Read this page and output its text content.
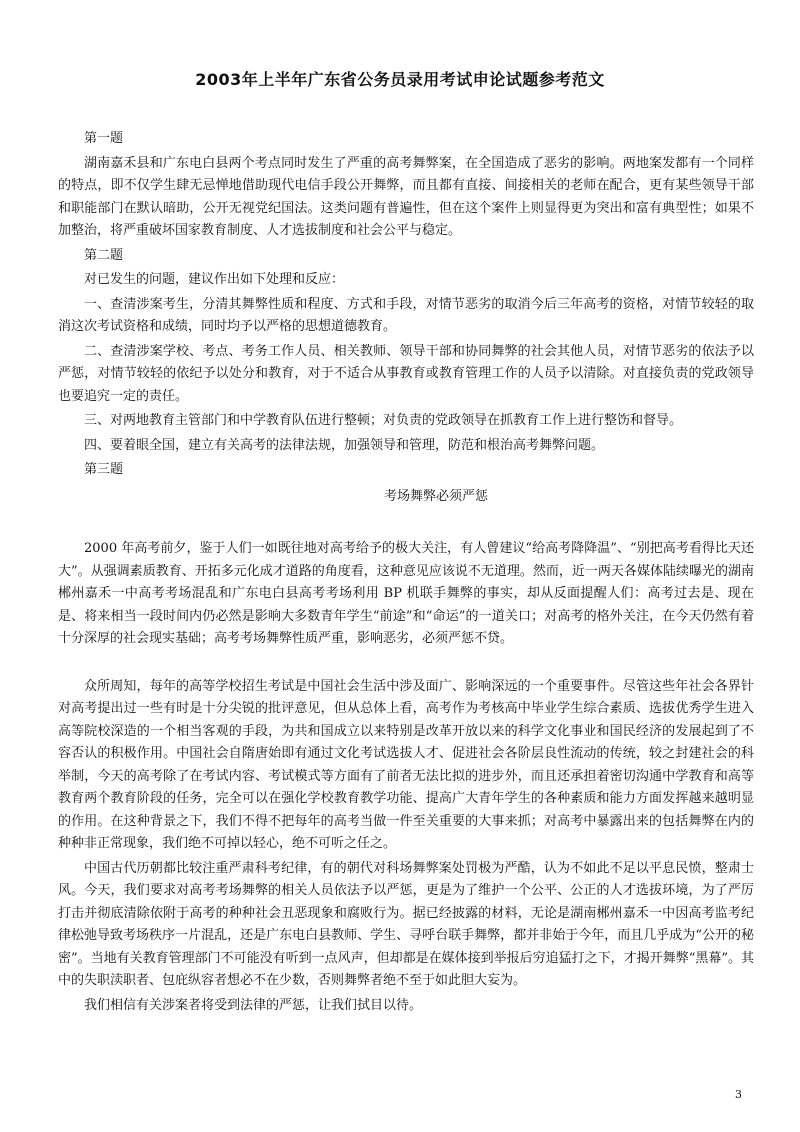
2003年上半年广东省公务员录用考试申论试题参考范文

第一题

湖南嘉禾县和广东电白县两个考点同时发生了严重的高考舞弊案，在全国造成了恶劣的影响。两地案发都有一个同样的特点，即不仅学生肆无忌惮地借助现代电信手段公开舞弊，而且都有直接、间接相关的老师在配合，更有某些领导干部和职能部门在默认暗助，公开无视党纪国法。这类问题有普遍性，但在这个案件上则显得更为突出和富有典型性；如果不加整治，将严重破坏国家教育制度、人才选拔制度和社会公平与稳定。

第二题

对已发生的问题，建议作出如下处理和反应：

一、查清涉案考生，分清其舞弊性质和程度、方式和手段，对情节恶劣的取消今后三年高考的资格，对情节较轻的取消这次考试资格和成绩，同时均予以严格的思想道德教育。

二、查清涉案学校、考点、考务工作人员、相关教师、领导干部和协同舞弊的社会其他人员，对情节恶劣的依法予以严惩，对情节较轻的依纪予以处分和教育，对于不适合从事教育或教育管理工作的人员予以清除。对直接负责的党政领导也要追究一定的责任。

三、对两地教育主管部门和中学教育队伍进行整顿；对负责的党政领导在抓教育工作上进行整饬和督导。

四、要着眼全国，建立有关高考的法律法规，加强领导和管理，防范和根治高考舞弊问题。

第三题

考场舞弊必须严惩

2000 年高考前夕，鉴于人们一如既往地对高考给予的极大关注，有人曾建议“给高考降降温”、“别把高考看得比天还大”。从强调素质教育、开拓多元化成才道路的角度看，这种意见应该说不无道理。然而，近一两天各媒体陆续曝光的湖南郴州嘉禾一中高考考场混乱和广东电白县高考考场利用 BP 机联手舞弊的事实，却从反面提醒人们：高考过去是、现在是、将来相当一段时间内仍必然是影响大多数青年学生“前途”和“命运”的一道关口；对高考的格外关注，在今天仍然有着十分深厚的社会现实基础；高考考场舞弊性质严重，影响恶劣，必须严惩不贷。

众所周知，每年的高等学校招生考试是中国社会生活中涉及面广、影响深远的一个重要事件。尽管这些年社会各界针对高考提出过一些有时是十分尖锐的批评意见，但从总体上看，高考作为考核高中毕业学生综合素质、选拔优秀学生进入高等院校深造的一个相当客观的手段，为共和国成立以来特别是改革开放以来的科学文化事业和国民经济的发展起到了不容否认的积极作用。中国社会自隋唐始即有通过文化考试选拔人才、促进社会各阶层良性流动的传统，较之封建社会的科举制，今天的高考除了在考试内容、考试模式等方面有了前者无法比拟的进步外，而且还承担着密切沟通中学教育和高等教育两个教育阶段的任务，完全可以在强化学校教育教学功能、提高广大青年学生的各种素质和能力方面发挥越来越明显的作用。在这种背景之下，我们不得不把每年的高考当做一件至关重要的大事来抓；对高考中暴露出来的包括舞弊在内的种种非正常现象，我们绝不可掉以轻心，绝不可听之任之。

中国古代历朝都比较注重严肃科考纪律，有的朝代对科场舞弊案处罚极为严酷，认为不如此不足以平息民愤，整肃士风。今天，我们要求对高考考场舞弊的相关人员依法予以严惩，更是为了维护一个公平、公正的人才选拔环境，为了严厉打击并彻底清除依附于高考的种种社会丑恶现象和腐败行为。据已经披露的材料，无论是湖南郴州嘉禾一中因高考监考纪律松弛导致考场秩序一片混乱，还是广东电白县教师、学生、寻呼台联手舞弊，都并非始于今年，而且几乎成为“公开的秘密”。当地有关教育管理部门不可能没有听到一点风声，但却都是在媒体接到举报后穷追猛打之下，才揭开舞弊“黑幕”。其中的失职渎职者、包庇纵容者想必不在少数，否则舞弊者绝不至于如此胆大妄为。

我们相信有关涉案者将受到法律的严惩，让我们拭目以待。

3
